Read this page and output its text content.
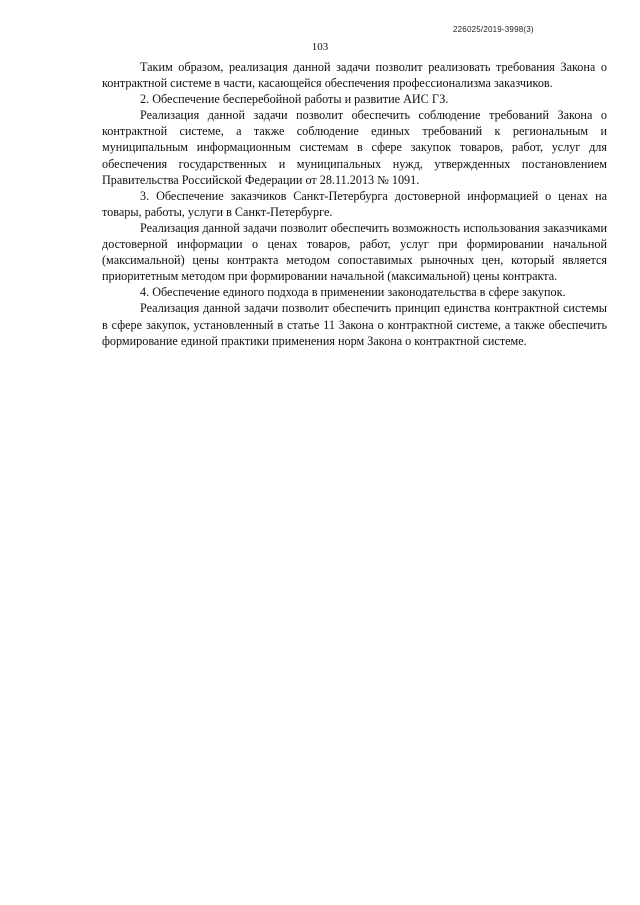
226025/2019-3998(3)
103

Таким образом, реализация данной задачи позволит реализовать требования Закона о контрактной системе в части, касающейся обеспечения профессионализма заказчиков.

2. Обеспечение бесперебойной работы и развитие АИС ГЗ.

Реализация данной задачи позволит обеспечить соблюдение требований Закона о контрактной системе, а также соблюдение единых требований к региональным и муниципальным информационным системам в сфере закупок товаров, работ, услуг для обеспечения государственных и муниципальных нужд, утвержденных постановлением Правительства Российской Федерации от 28.11.2013 № 1091.

3. Обеспечение заказчиков Санкт-Петербурга достоверной информацией о ценах на товары, работы, услуги в Санкт-Петербурге.

Реализация данной задачи позволит обеспечить возможность использования заказчиками достоверной информации о ценах товаров, работ, услуг при формировании начальной (максимальной) цены контракта методом сопоставимых рыночных цен, который является приоритетным методом при формировании начальной (максимальной) цены контракта.

4. Обеспечение единого подхода в применении законодательства в сфере закупок.

Реализация данной задачи позволит обеспечить принцип единства контрактной системы в сфере закупок, установленный в статье 11 Закона о контрактной системе, а также обеспечить формирование единой практики применения норм Закона о контрактной системе.
